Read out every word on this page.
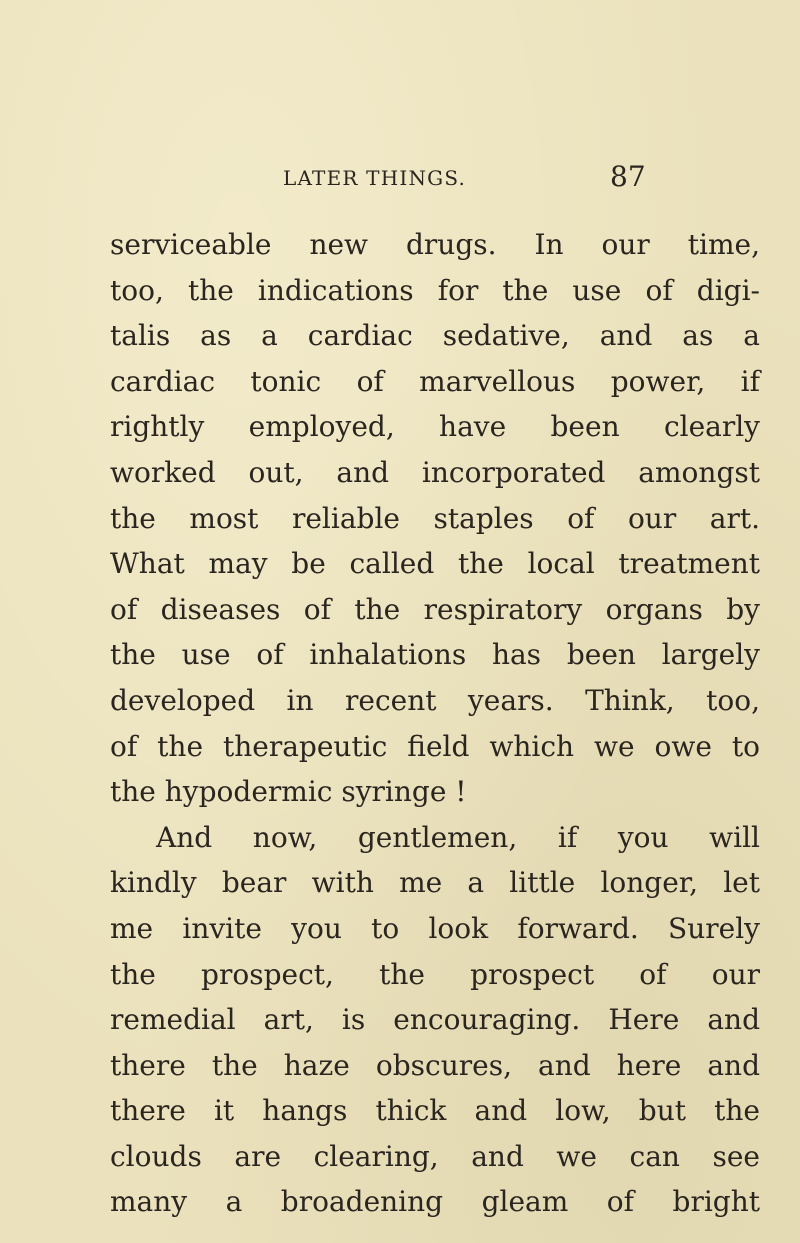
LATER THINGS.	87
serviceable new drugs. In our time,
too, the indications for the use of digi-
talis as a cardiac sedative, and as a
cardiac tonic of marvellous power, if
rightly employed, have been clearly
worked out, and incorporated amongst
the most reliable staples of our art.
What may be called the local treatment
of diseases of the respiratory organs by
the use of inhalations has been largely
developed in recent years. Think, too,
of the therapeutic field which we owe to
the hypodermic syringe !
And now, gentlemen, if you will
kindly bear with me a little longer, let
me invite you to look forward. Surely
the prospect, the prospect of our
remedial art, is encouraging. Here and
there the haze obscures, and here and
there it hangs thick and low, but the
clouds are clearing, and we can see
many a broadening gleam of bright
